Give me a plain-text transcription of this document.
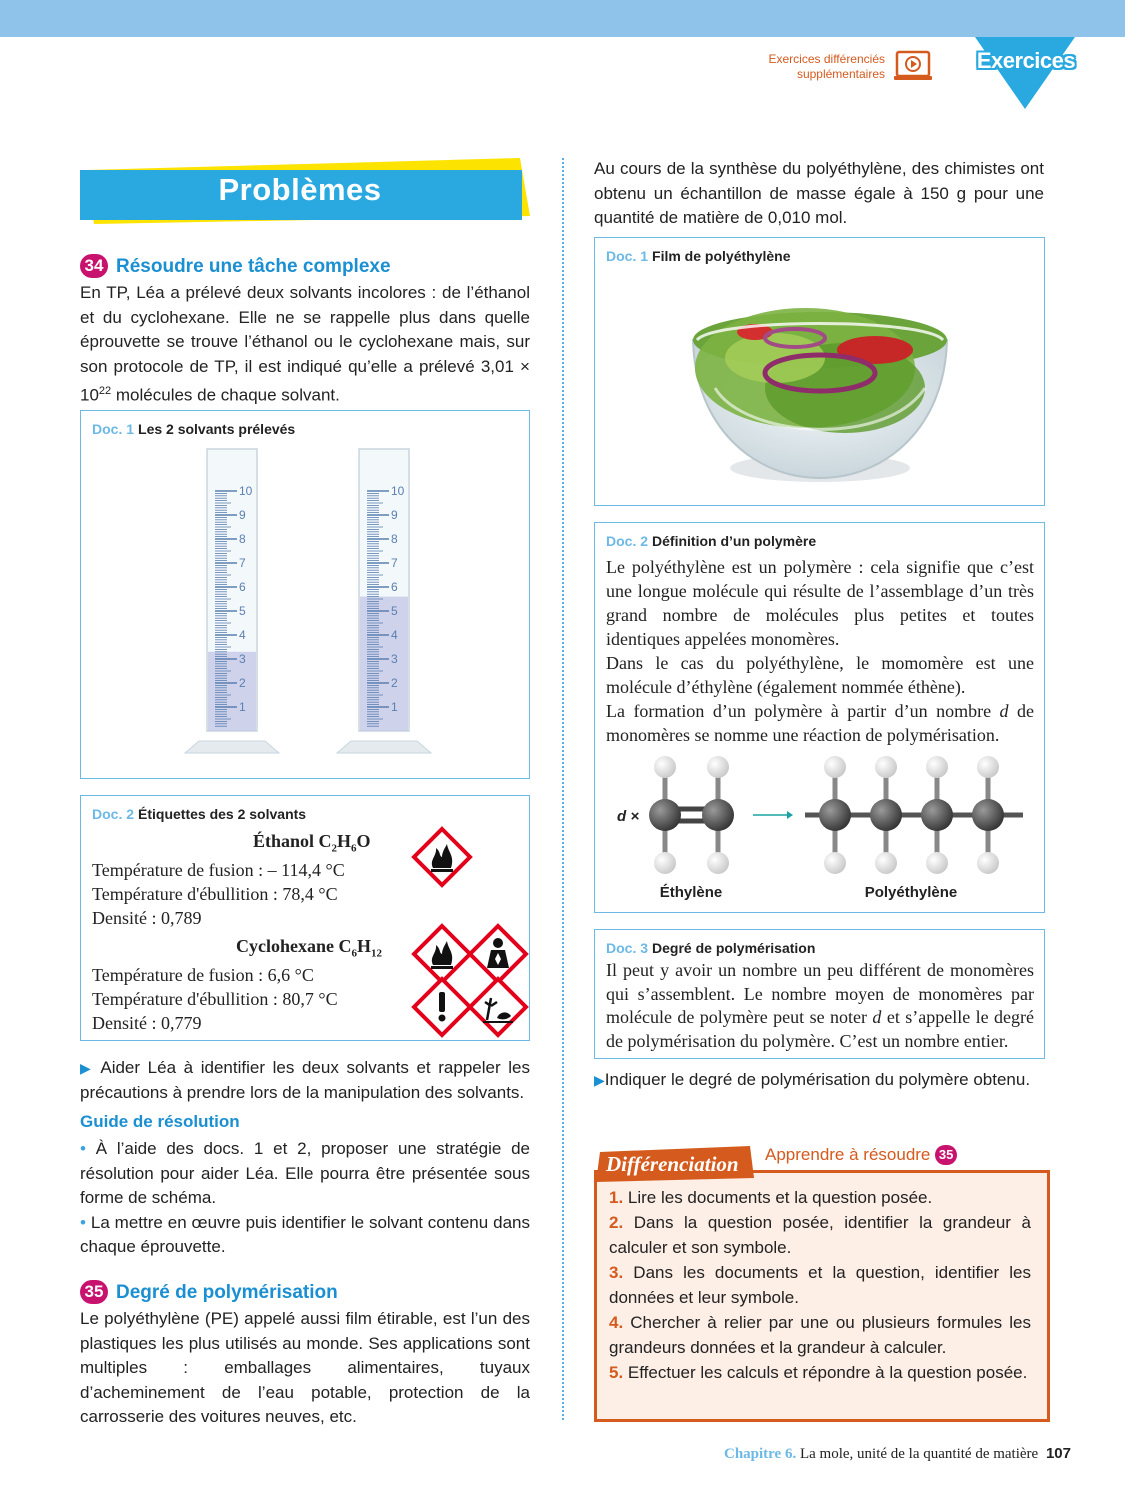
Exercices différenciés
supplémentaires
Exercices
Problèmes
34 Résoudre une tâche complexe

En TP, Léa a prélevé deux solvants incolores : de l’éthanol et du cyclohexane. Elle ne se rappelle plus dans quelle éprouvette se trouve l’éthanol ou le cyclohexane mais, sur son protocole de TP, il est indiqué qu’elle a prélevé $3,01 \times 10^{22}$ molécules de chaque solvant.

Doc. 1 Les 2 solvants prélevés
10
9
8
7
6
5
4
3
2
1
10
9
8
7
6
5
4
3
2
1
Doc. 2 Étiquettes des 2 solvants
Éthanol $C_2H_6O$
Température de fusion : – 114,4 °C
Température d'ébullition : 78,4 °C
Densité : 0,789
Cyclohexane $C_6H_{12}$
Température de fusion : 6,6 °C
Température d'ébullition : 80,7 °C
Densité : 0,779

▶ Aider Léa à identifier les deux solvants et rappeler les précautions à prendre lors de la manipulation des solvants.

Guide de résolution

• À l’aide des docs. 1 et 2, proposer une stratégie de résolution pour aider Léa. Elle pourra être présentée sous forme de schéma.

• La mettre en œuvre puis identifier le solvant contenu dans chaque éprouvette.

35 Degré de polymérisation
Le polyéthylène (PE) appelé aussi film étirable, est l’un des plastiques les plus utilisés au monde. Ses applications sont multiples : emballages alimentaires, tuyaux d’acheminement de l’eau potable, protection de la carrosserie des voitures neuves, etc.
Au cours de la synthèse du polyéthylène, des chimistes ont obtenu un échantillon de masse égale à 150 g pour une quantité de matière de 0,010 mol.
Doc. 1 Film de polyéthylène
Doc. 2 Définition d’un polymère
Le polyéthylène est un polymère : cela signifie que c’est une longue molécule qui résulte de l’assemblage d’un très grand nombre de molécules plus petites et toutes identiques appelées monomères.
Dans le cas du polyéthylène, le momomère est une molécule d’éthylène (également nommée éthène).
La formation d’un polymère à partir d’un nombre d de monomères se nomme une réaction de polymérisation.
d ×
Éthylène	Polyéthylène
Doc. 3 Degré de polymérisation
Il peut y avoir un nombre un peu différent de monomères qui s’assemblent. Le nombre moyen de monomères par molécule de polymère peut se noter d et s’appelle le degré de polymérisation du polymère. C’est un nombre entier.

▶Indiquer le degré de polymérisation du polymère obtenu.

1. Lire les documents et la question posée.

2. Dans la question posée, identifier la grandeur à calculer et son symbole.

3. Dans les documents et la question, identifier les données et leur symbole.

4. Chercher à relier par une ou plusieurs formules les grandeurs données et la grandeur à calculer.

5. Effectuer les calculs et répondre à la question posée.

Différenciation Apprendre à résoudre 35
Chapitre 6. La mole, unité de la quantité de matière 107
